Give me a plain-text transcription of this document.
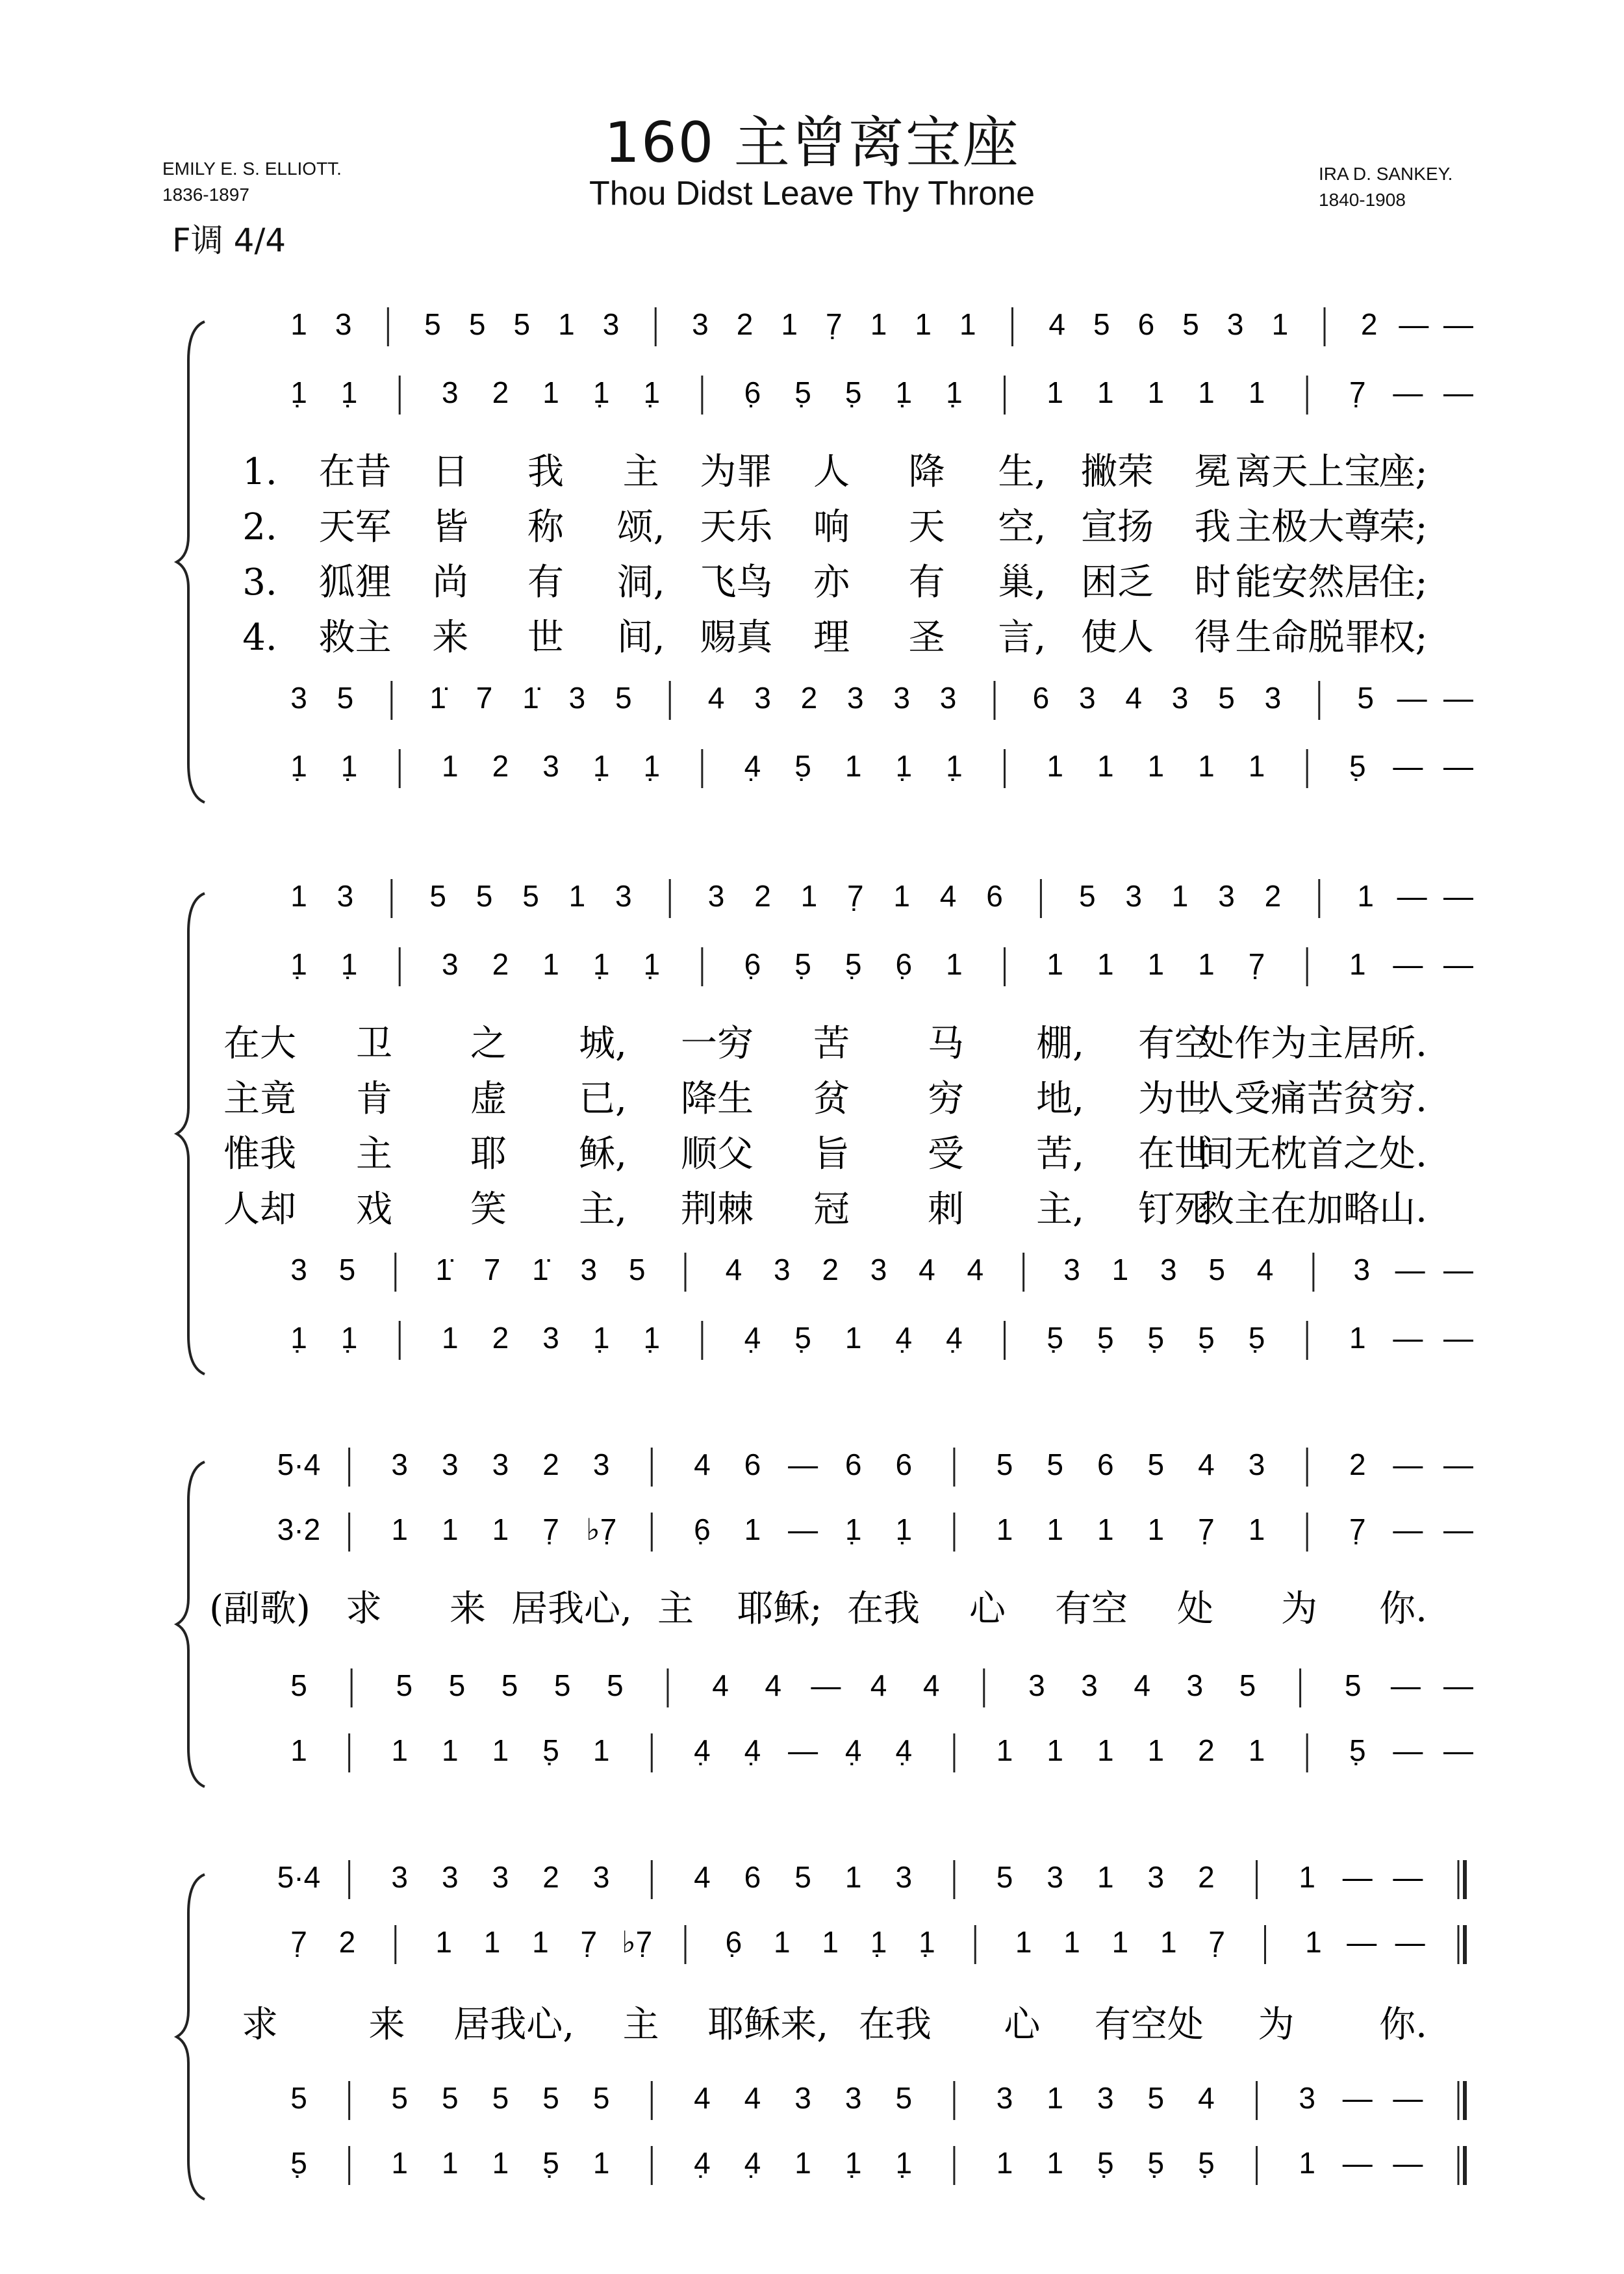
160 主曾离宝座
Thou Didst Leave Thy Throne
EMILY E. S. ELLIOTT.
1836-1897
IRA D. SANKEY.
1840-1908
F调 4/4
1 3 5 5 5 1 3 3 2 1 7̣ 1 1 1 4 5 6 5 3 1 2 — —
1̣ 1̣	3 2 1 1̣ 1̣	6̣ 5̣ 5̣ 1̣ 1̣	1 1 1 1 1	7̣ — —
3 5	1̇ 7 1̇ 3 5	4 3 2 3 3 3	6 3 4 3 5 3	5 — —
1̣ 1̣	1 2 3 1̣ 1̣	4̣ 5̣ 1 1̣ 1̣	1 1 1 1 1	5̣ — —
1. 在昔 日 我 主 为罪 人 降 生, 撇荣 冕 离天上宝
座;
2. 天军 皆 称 颂, 天乐 响 天 空, 宣扬 我 主极大尊
荣;
3. 狐狸 尚 有 洞, 飞鸟 亦 有 巢, 困乏 时 能安然居
住;
4. 救主 来 世 间, 赐真 理 圣 言, 使人 得 生命脱罪
权;
1 3	5 5 5 1 3	3 2 1 7̣ 1 4 6	5 3 1 3 2	1 — —
1̣ 1̣	3 2 1 1̣ 1̣	6̣ 5̣ 5̣ 6̣ 1	1 1 1 1 7̣	1 — —
3 5	1̇ 7 1̇ 3 5	4 3 2 3 4 4	3 1 3 5 4	3 — —
1̣ 1̣	1 2 3 1̣ 1̣	4̣ 5̣ 1 4̣ 4̣	5̣ 5̣ 5̣ 5̣ 5̣	1 — —
在大 卫 之 城, 一穷 苦 马 棚, 有空
处作为主居 所.
主竟 肯 虚 已, 降生 贫 穷 地, 为世
人受痛苦贫 穷.
惟我 主 耶 稣, 顺父 旨 受 苦, 在世
间无枕首之 处.
人却 戏 笑 主, 荆棘 冠 刺 主, 钉死
救主在加略 山.
5·4 3 3 3 2 3	4 6 — 6 6	5 5 6 5 4 3	2 — —
3·2 1 1 1 7̣ ♭7̣	6̣ 1 — 1̣ 1̣	1 1 1 1 7̣ 1	7̣ — —
5	5 5 5 5 5	4 4 — 4 4	3 3 4 3 5	5 — —
1	1 1 1 5̣ 1	4̣ 4̣ — 4̣ 4̣	1 1 1 1 2 1	5̣ — —
(副歌) 求 来 居我心, 主 耶稣; 在我 心 有空 处 为 你.
5·4 3 3 3 2 3	4 6 5 1 3	5 3 1 3 2	1 — —
7̣ 2	1 1 1 7̣ ♭7̣ 6̣ 1 1 1̣ 1̣	1 1 1 1 7̣	1 — —
5	5 5 5 5 5	4 4 3 3 5	3 1 3 5 4	3 — —
5̣	1 1 1 5̣ 1	4̣ 4̣ 1 1̣ 1̣	1 1 5̣ 5̣ 5̣	1 — —
求 来 居我心, 主 耶稣来, 在我 心 有空处 为 你.
